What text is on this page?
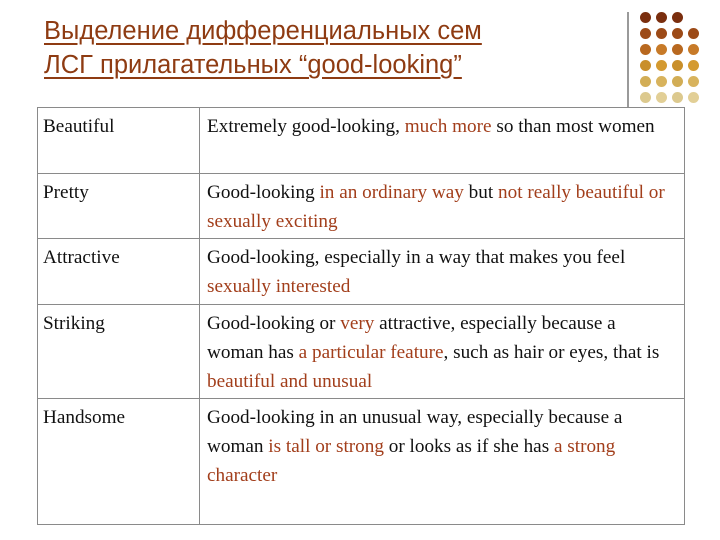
Выделение дифференциальных сем
ЛСГ прилагательных “good-looking”
Beautiful	Extremely good-looking, much more so than most women
Pretty	Good-looking in an ordinary way but not really beautiful or sexually exciting
Attractive	Good-looking, especially in a way that makes you feel sexually interested
Striking	Good-looking or very attractive, especially because a woman has a particular feature, such as hair or eyes, that is beautiful and unusual
Handsome	Good-looking in an unusual way, especially because a woman is tall or strong or looks as if she has a strong character
